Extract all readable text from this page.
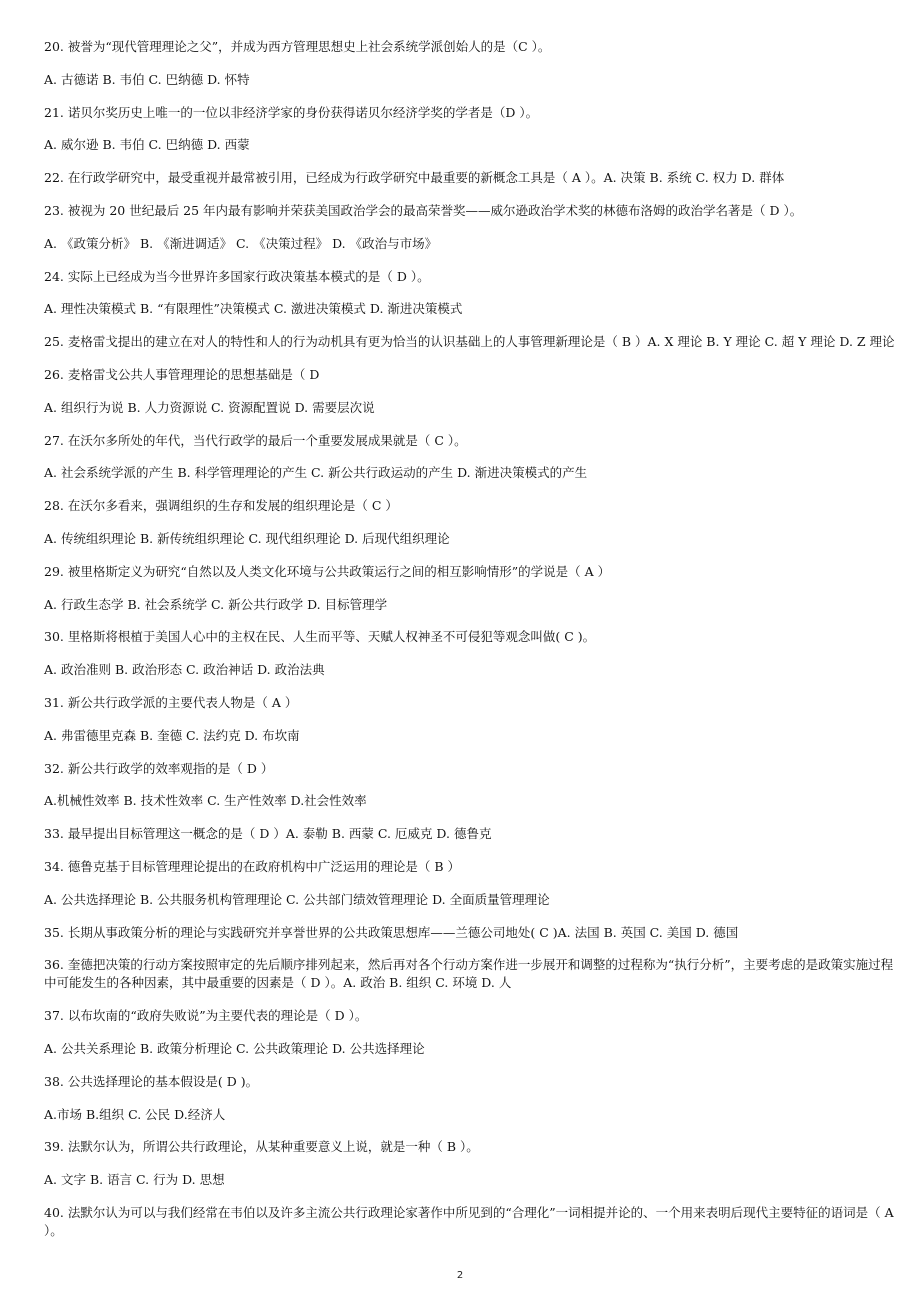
20. 被誉为“现代管理理论之父”，并成为西方管理思想史上社会系统学派创始人的是（C ）。

A. 古德诺 B. 韦伯 C. 巴纳德 D. 怀特

21. 诺贝尔奖历史上唯一的一位以非经济学家的身份获得诺贝尔经济学奖的学者是（D ）。

A. 威尔逊 B. 韦伯 C. 巴纳德 D. 西蒙

22. 在行政学研究中，最受重视并最常被引用，已经成为行政学研究中最重要的新概念工具是（ A ）。A. 决策 B. 系统 C. 权力 D. 群体

23. 被视为 20 世纪最后 25 年内最有影响并荣获美国政治学会的最高荣誉奖——威尔逊政治学术奖的林德布洛姆的政治学名著是（ D ）。

A. 《政策分析》 B. 《渐进调适》 C. 《决策过程》 D. 《政治与市场》

24. 实际上已经成为当今世界许多国家行政决策基本模式的是（ D ）。

A. 理性决策模式 B. “有限理性”决策模式 C. 激进决策模式 D. 渐进决策模式

25. 麦格雷戈提出的建立在对人的特性和人的行为动机具有更为恰当的认识基础上的人事管理新理论是（ B ）A. X 理论 B. Y 理论 C. 超 Y 理论 D. Z 理论

26. 麦格雷戈公共人事管理理论的思想基础是（ D

A. 组织行为说 B. 人力资源说 C. 资源配置说 D. 需要层次说

27. 在沃尔多所处的年代，当代行政学的最后一个重要发展成果就是（ C ）。

A. 社会系统学派的产生 B. 科学管理理论的产生 C. 新公共行政运动的产生 D. 渐进决策模式的产生

28. 在沃尔多看来，强调组织的生存和发展的组织理论是（ C ）

A. 传统组织理论 B. 新传统组织理论 C. 现代组织理论 D. 后现代组织理论

29. 被里格斯定义为研究“自然以及人类文化环境与公共政策运行之间的相互影响情形”的学说是（ A ）

A. 行政生态学 B. 社会系统学 C. 新公共行政学 D. 目标管理学

30. 里格斯将根植于美国人心中的主权在民、人生而平等、天赋人权神圣不可侵犯等观念叫做( C )。

A. 政治准则 B. 政治形态 C. 政治神话 D. 政治法典

31. 新公共行政学派的主要代表人物是（ A ）

A. 弗雷德里克森 B. 奎德 C. 法约克 D. 布坎南

32. 新公共行政学的效率观指的是（ D ）

A.机械性效率 B. 技术性效率 C. 生产性效率 D.社会性效率

33. 最早提出目标管理这一概念的是（ D ）A. 泰勒 B. 西蒙 C. 厄威克 D. 德鲁克

34. 德鲁克基于目标管理理论提出的在政府机构中广泛运用的理论是（ B ）

A. 公共选择理论 B. 公共服务机构管理理论 C. 公共部门绩效管理理论 D. 全面质量管理理论

35. 长期从事政策分析的理论与实践研究并享誉世界的公共政策思想库——兰德公司地处( C )A. 法国 B. 英国 C. 美国 D. 德国

36. 奎德把决策的行动方案按照审定的先后顺序排列起来，然后再对各个行动方案作进一步展开和调整的过程称为“执行分析”，主要考虑的是政策实施过程中可能发生的各种因素，其中最重要的因素是（ D ）。A. 政治 B. 组织 C. 环境 D. 人

37. 以布坎南的“政府失败说”为主要代表的理论是（ D ）。

A. 公共关系理论 B. 政策分析理论 C. 公共政策理论 D. 公共选择理论

38. 公共选择理论的基本假设是( D )。

A.市场 B.组织 C. 公民 D.经济人

39. 法默尔认为，所谓公共行政理论，从某种重要意义上说，就是一种（ B ）。

A. 文字 B. 语言 C. 行为 D. 思想

40. 法默尔认为可以与我们经常在韦伯以及许多主流公共行政理论家著作中所见到的“合理化”一词相提并论的、一个用来表明后现代主要特征的语词是（ A ）。

2
